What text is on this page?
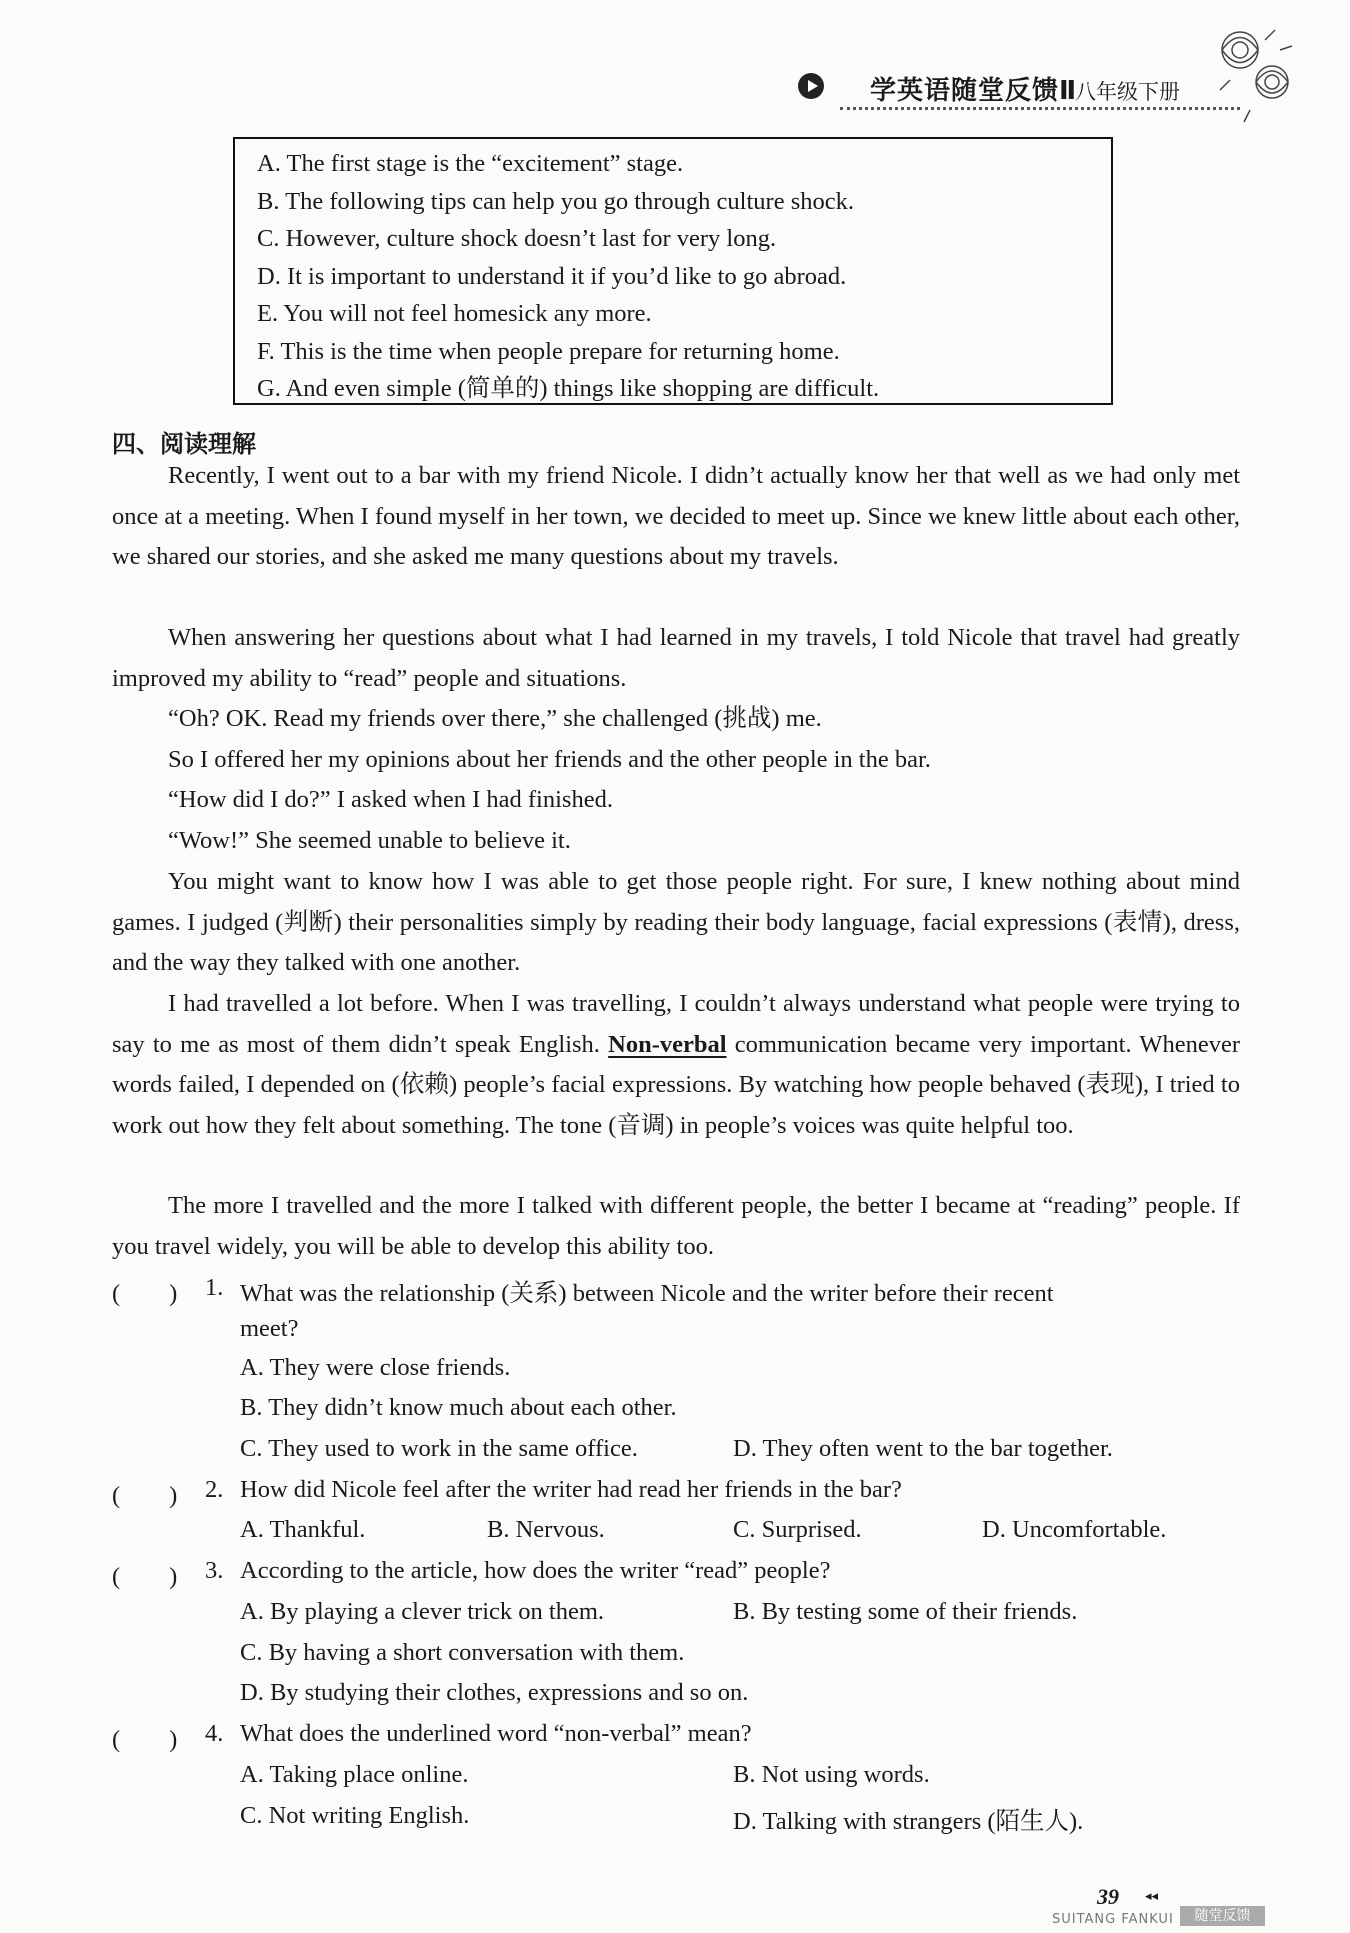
学英语随堂反馈Ⅱ
八年级下册
A. The first stage is the “excitement” stage.
B. The following tips can help you go through culture shock.
C. However, culture shock doesn’t last for very long.
D. It is important to understand it if you’d like to go abroad.
E. You will not feel homesick any more.
F. This is the time when people prepare for returning home.
G. And even simple (简单的) things like shopping are difficult.
四、阅读理解
Recently, I went out to a bar with my friend Nicole. I didn’t actually know her that well as we had only met once at a meeting. When I found myself in her town, we decided to meet up. Since we knew little about each other, we shared our stories, and she asked me many questions about my travels.
When answering her questions about what I had learned in my travels, I told Nicole that travel had greatly improved my ability to “read” people and situations.
“Oh? OK. Read my friends over there,” she challenged (挑战) me.
So I offered her my opinions about her friends and the other people in the bar.
“How did I do?” I asked when I had finished.
“Wow!” She seemed unable to believe it.
You might want to know how I was able to get those people right. For sure, I knew nothing about mind games. I judged (判断) their personalities simply by reading their body language, facial expressions (表情), dress, and the way they talked with one another.
I had travelled a lot before. When I was travelling, I couldn’t always understand what people were trying to say to me as most of them didn’t speak English. Non-verbal communication became very important. Whenever words failed, I depended on (依赖) people’s facial expressions. By watching how people behaved (表现), I tried to work out how they felt about something. The tone (音调) in people’s voices was quite helpful too.
The more I travelled and the more I talked with different people, the better I became at “reading” people. If you travel widely, you will be able to develop this ability too.
(　　) 1. What was the relationship (关系) between Nicole and the writer before their recent
meet?
A. They were close friends.
B. They didn’t know much about each other.
C. They used to work in the same office.	D. They often went to the bar together.
(　　) 2. How did Nicole feel after the writer had read her friends in the bar?
A. Thankful.	B. Nervous.	C. Surprised.	D. Uncomfortable.
(　　) 3. According to the article, how does the writer “read” people?
A. By playing a clever trick on them.	B. By testing some of their friends.
C. By having a short conversation with them.
D. By studying their clothes, expressions and so on.
(　　) 4. What does the underlined word “non-verbal” mean?
A. Taking place online.	B. Not using words.
C. Not writing English.	D. Talking with strangers (陌生人).
39 ◂◂
SUITANG FANKUI	随堂反馈
